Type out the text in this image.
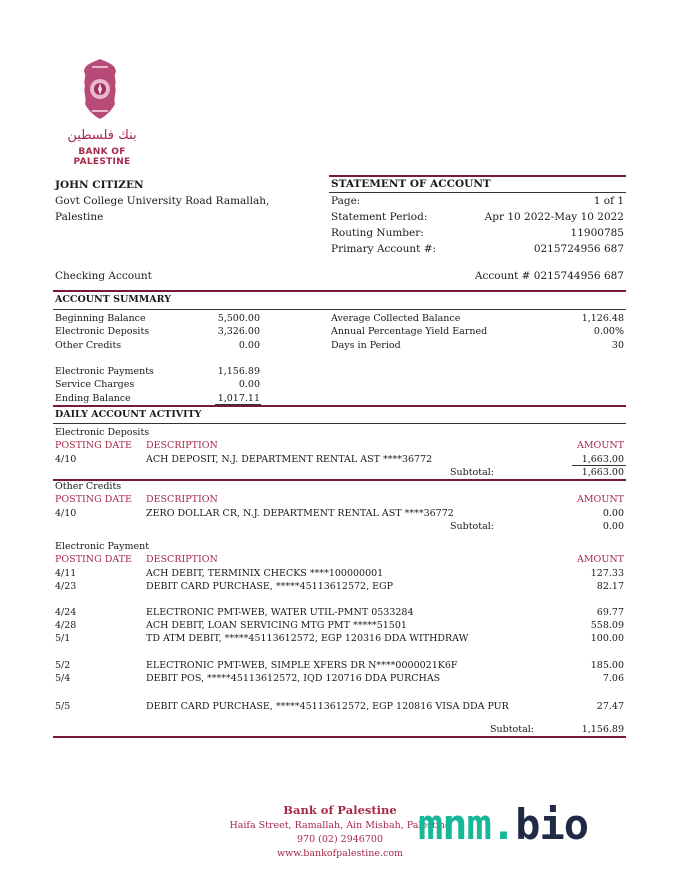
بنك فلسطين
BANK OF PALESTINE
JOHN CITIZEN
Govt College University Road Ramallah,
Palestine
STATEMENT OF ACCOUNT
Page:	1 of 1
Statement Period:	Apr 10 2022-May 10 2022
Routing Number:	11900785
Primary Account #:	0215724956 687
Checking Account	Account # 0215744956 687
ACCOUNT SUMMARY
Beginning Balance	5,500.00
Electronic Deposits	3,326.00
Other Credits	0.00
Electronic Payments	1,156.89
Service Charges	0.00
Ending Balance	1,017.11
Average Collected Balance	1,126.48
Annual Percentage Yield Earned	0.00%
Days in Period	30
DAILY ACCOUNT ACTIVITY
Electronic Deposits
POSTING DATE DESCRIPTION	AMOUNT
4/10	ACH DEPOSIT, N.J. DEPARTMENT RENTAL AST ****36772	1,663.00
Subtotal:	1,663.00
Other Credits
POSTING DATE DESCRIPTION	AMOUNT
4/10	ZERO DOLLAR CR, N.J. DEPARTMENT RENTAL AST ****36772	0.00
Subtotal:	0.00
Electronic Payment
POSTING DATE DESCRIPTION	AMOUNT
4/11	ACH DEBIT, TERMINIX CHECKS ****100000001	127.33
4/23	DEBIT CARD PURCHASE, *****45113612572, EGP	82.17
4/24	ELECTRONIC PMT-WEB, WATER UTIL-PMNT 0533284	69.77
4/28	ACH DEBIT, LOAN SERVICING MTG PMT *****51501	558.09
5/1	TD ATM DEBIT, *****45113612572, EGP 120316 DDA WITHDRAW	100.00
5/2	ELECTRONIC PMT-WEB, SIMPLE XFERS DR N****0000021K6F	185.00
5/4	DEBIT POS, *****45113612572, IQD 120716 DDA PURCHAS	7.06
5/5	DEBIT CARD PURCHASE, *****45113612572, EGP 120816 VISA DDA PUR	27.47
Subtotal:	1,156.89
Bank of Palestine
Haifa Street, Ramallah, Ain Misbah, Palestine
970 (02) 2946700
www.bankofpalestine.com
mnm.bio
